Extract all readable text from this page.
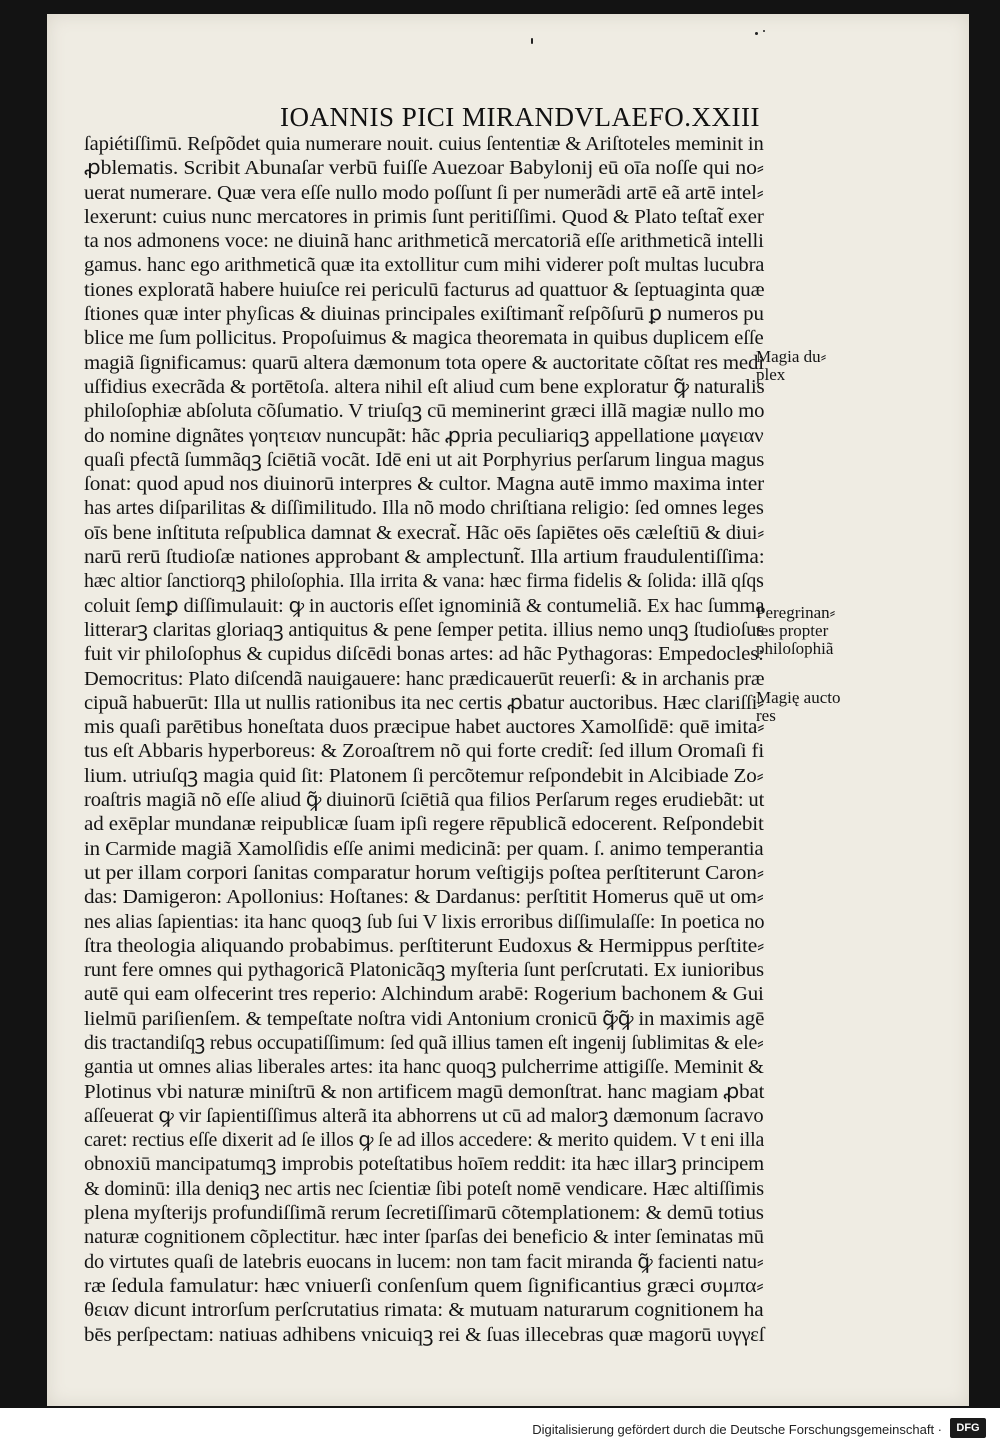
IOANNIS PICI MIRANDVLAE FO.XXIII
ſapiétiſſimū. Reſpõdet quia numerare nouit. cuius ſententiæ & Ariſtoteles meminit in
ꝓblematis. Scribit Abunaſar verbū fuiſſe Auezoar Babylonij eū oīa noſſe qui no⸗
uerat numerare. Quæ vera eſſe nullo modo poſſunt ſi per numerãdi artē eã artē intel⸗
lexerunt: cuius nunc mercatores in primis ſunt peritiſſimi. Quod & Plato teſtat̃ exer
ta nos admonens voce: ne diuinã hanc arithmeticã mercatoriã eſſe arithmeticã intelli
gamus. hanc ego arithmeticã quæ ita extollitur cum mihi viderer poſt multas lucubra
tiones exploratã habere huiuſce rei periculū facturus ad quattuor & ſeptuaginta quæ
ſtiones quæ inter phyſicas & diuinas principales exiſtimant̃ reſpõſurū ꝑ numeros pu
blice me ſum pollicitus. Propoſuimus & magica theoremata in quibus duplicem eſſe
magiã ſignificamus: quarū altera dæmonum tota opere & auctoritate cõſtat res medi
uſfidius execrãda & portētoſa. altera nihil eſt aliud cum bene exploratur ꝙ̃ naturalis
philoſophiæ abſoluta cõſumatio. V triuſqꝫ cū meminerint græci illã magiæ nullo mo
do nomine dignãtes γοητειαν nuncupãt: hãc ꝓpria peculiariqꝫ appellatione μαγειαν
quaſi pfectã ſummãqꝫ ſciētiã vocãt. Idē eni ut ait Porphyrius perſarum lingua magus
ſonat: quod apud nos diuinorū interpres & cultor. Magna autē immo maxima inter
has artes diſparilitas & diſſimilitudo. Illa nõ modo chriſtiana religio: ſed omnes leges
oīs bene inſtituta reſpublica damnat & execrat̃. Hãc oēs ſapiētes oēs cæleſtiū & diui⸗
narū rerū ſtudioſæ nationes approbant & amplectunt̃. Illa artium fraudulentiſſima:
hæc altior ſanctiorqꝫ philoſophia. Illa irrita & vana: hæc firma fidelis & ſolida: illã qſqs
coluit ſemꝑ diſſimulauit: ꝙ in auctoris eſſet ignominiã & contumeliã. Ex hac ſumma
litterarꝫ claritas gloriaqꝫ antiquitus & pene ſemper petita. illius nemo unqꝫ ſtudioſus
fuit vir philoſophus & cupidus diſcēdi bonas artes: ad hãc Pythagoras: Empedocles:
Democritus: Plato diſcendã nauigauere: hanc prædicauerūt reuerſi: & in archanis præ
cipuã habuerūt: Illa ut nullis rationibus ita nec certis ꝓbatur auctoribus. Hæc clariſſi⸗
mis quaſi parētibus honeſtata duos præcipue habet auctores Xamolſidē: quē imita⸗
tus eſt Abbaris hyperboreus: & Zoroaſtrem nõ qui forte credit̃: ſed illum Oromaſi fi
lium. utriuſqꝫ magia quid ſit: Platonem ſi percõtemur reſpondebit in Alcibiade Zo⸗
roaſtris magiã nõ eſſe aliud ꝙ̃ diuinorū ſciētiã qua filios Perſarum reges erudiebãt: ut
ad exēplar mundanæ reipublicæ ſuam ipſi regere rēpublicã edocerent. Reſpondebit
in Carmide magiã Xamolſidis eſſe animi medicinã: per quam. ſ. animo temperantia
ut per illam corpori ſanitas comparatur horum veſtigijs poſtea perſtiterunt Caron⸗
das: Damigeron: Apollonius: Hoſtanes: & Dardanus: perſtitit Homerus quē ut om⸗
nes alias ſapientias: ita hanc quoqꝫ ſub ſui V lixis erroribus diſſimulaſſe: In poetica no
ſtra theologia aliquando probabimus. perſtiterunt Eudoxus & Hermippus perſtite⸗
runt fere omnes qui pythagoricã Platonicãqꝫ myſteria ſunt perſcrutati. Ex iunioribus
autē qui eam olfecerint tres reperio: Alchindum arabē: Rogerium bachonem & Gui
lielmū pariſienſem. & tempeſtate noſtra vidi Antonium cronicū ꝙ̃ꝙ̃ in maximis agē
dis tractandiſqꝫ rebus occupatiſſimum: ſed quã illius tamen eſt ingenij ſublimitas & ele⸗
gantia ut omnes alias liberales artes: ita hanc quoqꝫ pulcherrime attigiſſe. Meminit &
Plotinus vbi naturæ miniſtrū & non artificem magū demonſtrat. hanc magiam ꝓbat
aſſeuerat ꝙ vir ſapientiſſimus alterã ita abhorrens ut cū ad malorꝫ dæmonum ſacravo
caret: rectius eſſe dixerit ad ſe illos ꝙ ſe ad illos accedere: & merito quidem. V t eni illa
obnoxiū mancipatumqꝫ improbis poteſtatibus hoīem reddit: ita hæc illarꝫ principem
& dominū: illa deniqꝫ nec artis nec ſcientiæ ſibi poteſt nomē vendicare. Hæc altiſſimis
plena myſterijs profundiſſimã rerum ſecretiſſimarū cõtemplationem: & demū totius
naturæ cognitionem cõplectitur. hæc inter ſparſas dei beneficio & inter ſeminatas mū
do virtutes quaſi de latebris euocans in lucem: non tam facit miranda ꝙ̃ facienti natu⸗
ræ ſedula famulatur: hæc vniuerſi conſenſum quem ſignificantius græci συμπα⸗
θειαν dicunt introrſum perſcrutatius rimata: & mutuam naturarum cognitionem ha
bēs perſpectam: natiuas adhibens vnicuiqꝫ rei & ſuas illecebras quæ magorū ιυγγεſ
Magia du⸗
plex
Peregrinan⸗
tes propter
philoſophiã
Magię aucto
res
Digitalisierung gefördert durch die Deutsche Forschungsgemeinschaft ·	DFG
